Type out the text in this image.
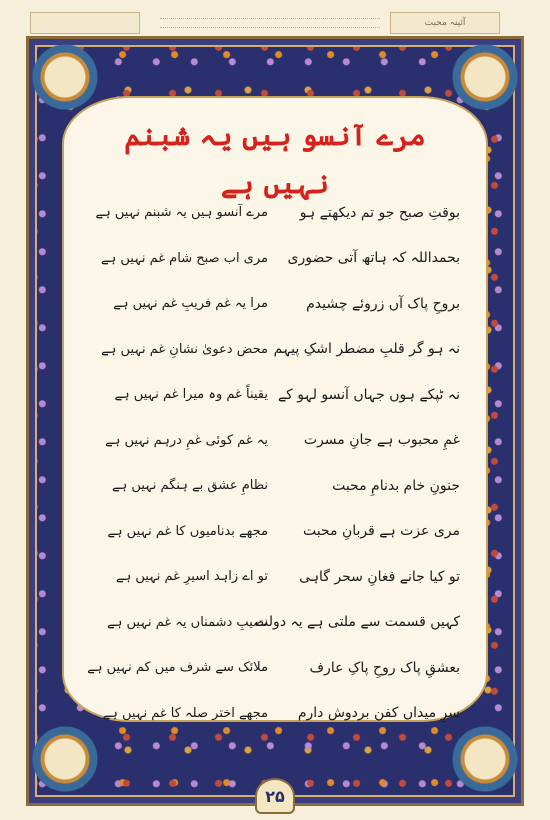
آئینہ محبت
مرے آنسو ہیں یہ شبنم نہیں ہے
بوقتِ صبح جو تم دیکھتے ہو
مرے آنسو ہیں یہ شبنم نہیں ہے
بحمداللہ کہ ہاتھ آتی حضوری
مری اب صبح شام غم نہیں ہے
بروحِ پاک آں زروئے چشیدم
مرا یہ غم فریبِ غم نہیں ہے
نہ ہو گر قلبِ مضطر اشکِ پیہم
محض دعویٰ نشانِ غم نہیں ہے
نہ ٹپکے ہوں جہاں آنسو لہو کے
یقیناً غم وہ میرا غم نہیں ہے
غمِ محبوب ہے جانِ مسرت
یہ غم کوئی غمِ درہم نہیں ہے
جنونِ خام بدنامِ محبت
نظامِ عشق بے ہنگم نہیں ہے
مری عزت ہے قربانِ محبت
مجھے بدنامیوں کا غم نہیں ہے
تو کیا جانے فغانِ سحر گاہی
تو اے زاہد اسیرِ غم نہیں ہے
کہیں قسمت سے ملتی ہے یہ دولت
نصیبِ دشمناں یہ غم نہیں ہے
بعشقِ پاک روحِ پاکِ عارف
ملائک سے شرف میں کم نہیں ہے
سرِ میداں کفن بردوش دارم
مجھے اختر صلہ کا غم نہیں ہے
۲۵
